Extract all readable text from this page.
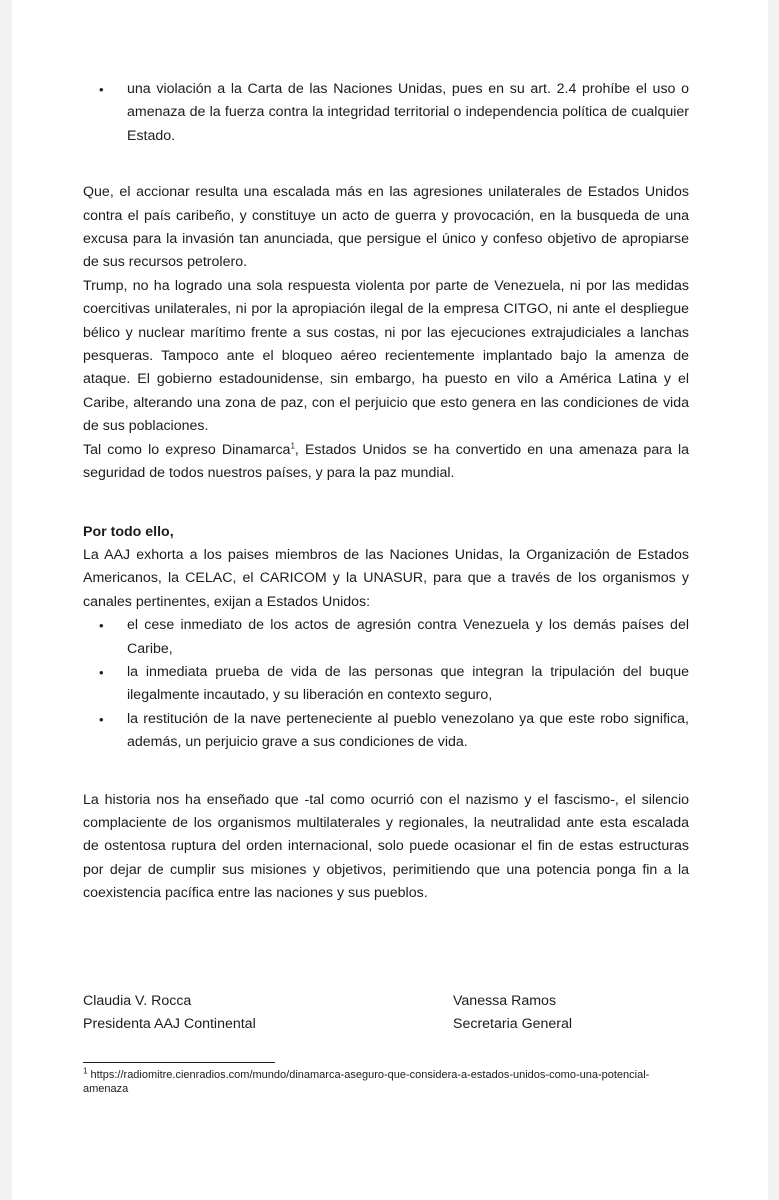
• una violación a la Carta de las Naciones Unidas, pues en su art. 2.4 prohíbe el uso o amenaza de la fuerza contra la integridad territorial o independencia política de cualquier Estado.

Que, el accionar resulta una escalada más en las agresiones unilaterales de Estados Unidos contra el país caribeño, y constituye un acto de guerra y provocación, en la busqueda de una excusa para la invasión tan anunciada, que persigue el único y confeso objetivo de apropiarse de sus recursos petrolero.

Trump, no ha logrado una sola respuesta violenta por parte de Venezuela, ni por las medidas coercitivas unilaterales, ni por la apropiación ilegal de la empresa CITGO, ni ante el despliegue bélico y nuclear marítimo frente a sus costas, ni por las ejecuciones extrajudiciales a lanchas pesqueras. Tampoco ante el bloqueo aéreo recientemente implantado bajo la amenza de ataque. El gobierno estadounidense, sin embargo, ha puesto en vilo a América Latina y el Caribe, alterando una zona de paz, con el perjuicio que esto genera en las condiciones de vida de sus poblaciones.

Tal como lo expreso Dinamarca$^1$, Estados Unidos se ha convertido en una amenaza para la seguridad de todos nuestros países, y para la paz mundial.

Por todo ello,

La AAJ exhorta a los paises miembros de las Naciones Unidas, la Organización de Estados Americanos, la CELAC, el CARICOM y la UNASUR, para que a través de los organismos y canales pertinentes, exijan a Estados Unidos:

• el cese inmediato de los actos de agresión contra Venezuela y los demás países del Caribe,
• la inmediata prueba de vida de las personas que integran la tripulación del buque ilegalmente incautado, y su liberación en contexto seguro,
• la restitución de la nave perteneciente al pueblo venezolano ya que este robo significa, además, un perjuicio grave a sus condiciones de vida.

La historia nos ha enseñado que -tal como ocurrió con el nazismo y el fascismo-, el silencio complaciente de los organismos multilaterales y regionales, la neutralidad ante esta escalada de ostentosa ruptura del orden internacional, solo puede ocasionar el fin de estas estructuras por dejar de cumplir sus misiones y objetivos, perimitiendo que una potencia ponga fin a la coexistencia pacífica entre las naciones y sus pueblos.

Claudia V. Rocca
Presidenta AAJ Continental
Vanessa Ramos
Secretaria General
$^1$ https://radiomitre.cienradios.com/mundo/dinamarca-aseguro-que-considera-a-estados-unidos-como-una-potencial-amenaza
